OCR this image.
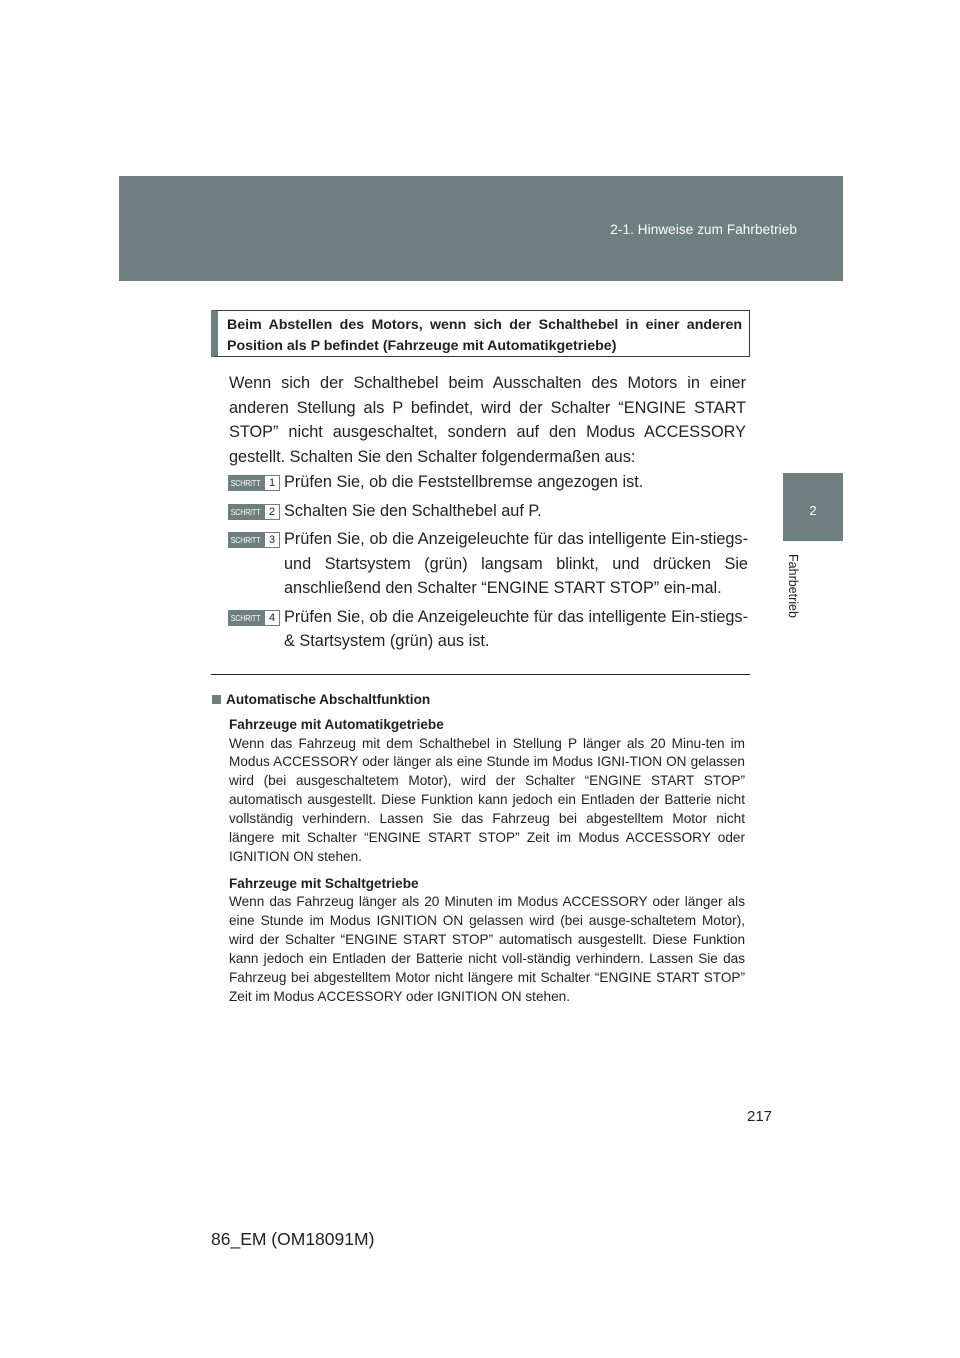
2-1. Hinweise zum Fahrbetrieb
2
Fahrbetrieb
Beim Abstellen des Motors, wenn sich der Schalthebel in einer anderen Position als P befindet (Fahrzeuge mit Automatikgetriebe)

Wenn sich der Schalthebel beim Ausschalten des Motors in einer anderen Stellung als P befindet, wird der Schalter “ENGINE START STOP” nicht ausgeschaltet, sondern auf den Modus ACCESSORY gestellt. Schalten Sie den Schalter folgendermaßen aus:

SCHRITT 1 Prüfen Sie, ob die Feststellbremse angezogen ist.

SCHRITT 2 Schalten Sie den Schalthebel auf P.

SCHRITT 3 Prüfen Sie, ob die Anzeigeleuchte für das intelligente Ein-stiegs- und Startsystem (grün) langsam blinkt, und drücken Sie anschließend den Schalter “ENGINE START STOP” ein-mal.

SCHRITT 4 Prüfen Sie, ob die Anzeigeleuchte für das intelligente Ein-stiegs- & Startsystem (grün) aus ist.

Automatische Abschaltfunktion

Fahrzeuge mit Automatikgetriebe

Wenn das Fahrzeug mit dem Schalthebel in Stellung P länger als 20 Minu-ten im Modus ACCESSORY oder länger als eine Stunde im Modus IGNI-TION ON gelassen wird (bei ausgeschaltetem Motor), wird der Schalter “ENGINE START STOP” automatisch ausgestellt. Diese Funktion kann jedoch ein Entladen der Batterie nicht vollständig verhindern. Lassen Sie das Fahrzeug bei abgestelltem Motor nicht längere mit Schalter “ENGINE START STOP” Zeit im Modus ACCESSORY oder IGNITION ON stehen.

Fahrzeuge mit Schaltgetriebe

Wenn das Fahrzeug länger als 20 Minuten im Modus ACCESSORY oder länger als eine Stunde im Modus IGNITION ON gelassen wird (bei ausge-schaltetem Motor), wird der Schalter “ENGINE START STOP” automatisch ausgestellt. Diese Funktion kann jedoch ein Entladen der Batterie nicht voll-ständig verhindern. Lassen Sie das Fahrzeug bei abgestelltem Motor nicht längere mit Schalter “ENGINE START STOP” Zeit im Modus ACCESSORY oder IGNITION ON stehen.

217
86_EM (OM18091M)
